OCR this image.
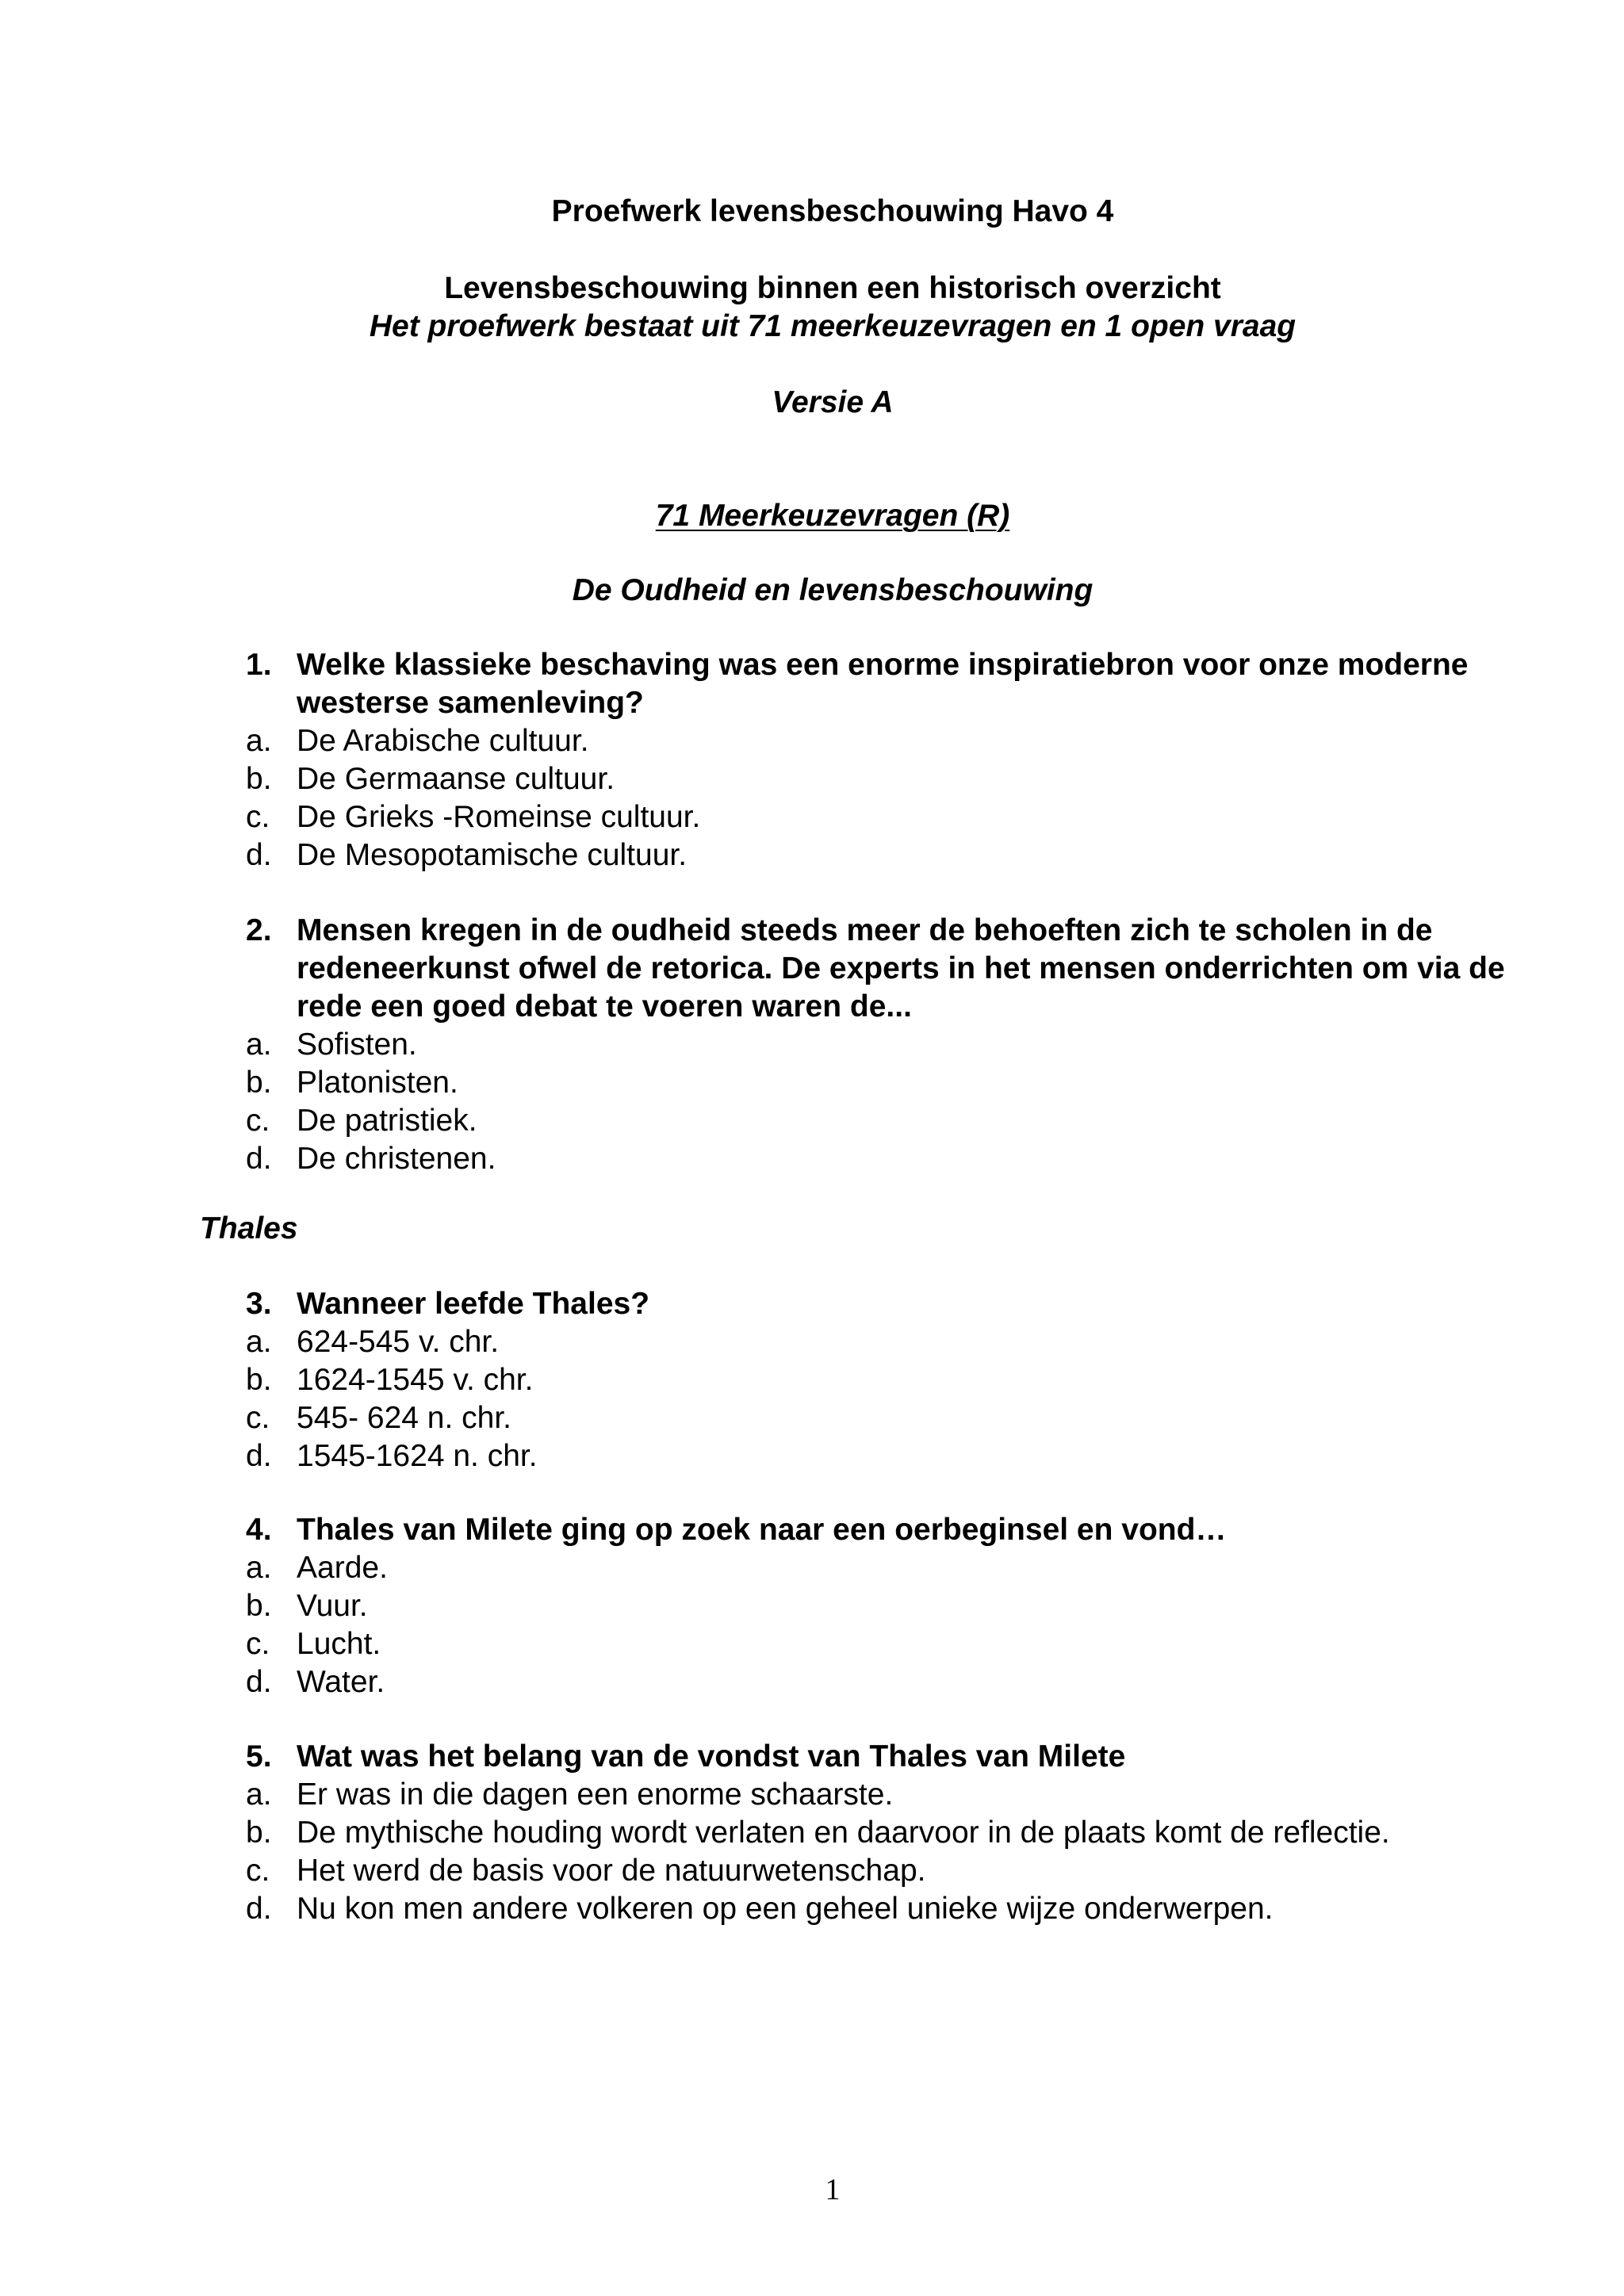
Proefwerk levensbeschouwing Havo 4
Levensbeschouwing binnen een historisch overzicht
Het proefwerk bestaat uit 71 meerkeuzevragen en 1 open vraag
Versie A
71 Meerkeuzevragen (R)
De Oudheid en levensbeschouwing
1. Welke klassieke beschaving was een enorme inspiratiebron voor onze moderne westerse samenleving?
a. De Arabische cultuur.
b. De Germaanse cultuur.
c. De Grieks -Romeinse cultuur.
d. De Mesopotamische cultuur.
2. Mensen kregen in de oudheid steeds meer de behoeften zich te scholen in de redeneerkunst ofwel de retorica. De experts in het mensen onderrichten om via de rede een goed debat te voeren waren de...
a. Sofisten.
b. Platonisten.
c. De patristiek.
d. De christenen.
Thales
3. Wanneer leefde Thales?
a. 624-545 v. chr.
b. 1624-1545 v. chr.
c. 545- 624 n. chr.
d. 1545-1624 n. chr.
4. Thales van Milete ging op zoek naar een oerbeginsel en vond…
a. Aarde.
b. Vuur.
c. Lucht.
d. Water.
5. Wat was het belang van de vondst van Thales van Milete
a. Er was in die dagen een enorme schaarste.
b. De mythische houding wordt verlaten en daarvoor in de plaats komt de reflectie.
c. Het werd de basis voor de natuurwetenschap.
d. Nu kon men andere volkeren op een geheel unieke wijze onderwerpen.
1
